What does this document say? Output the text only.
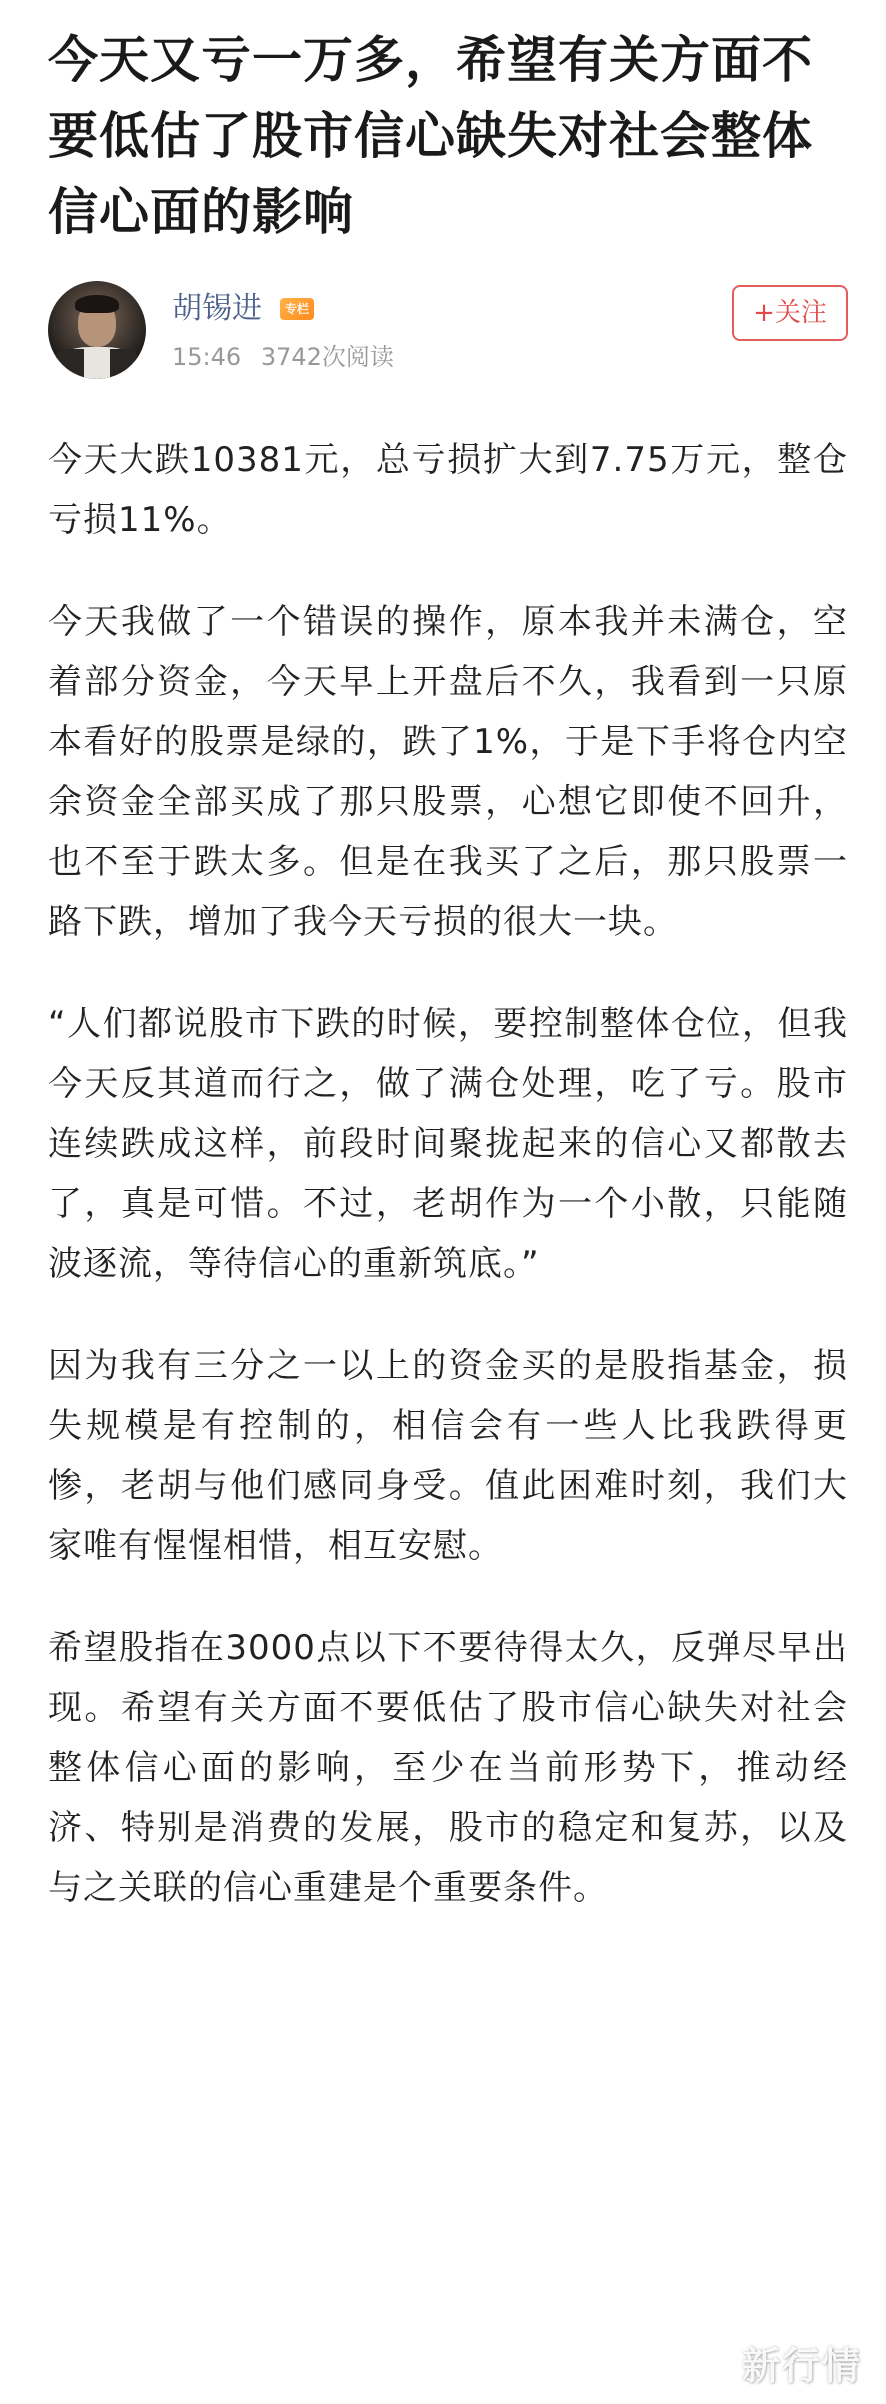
今天又亏一万多，希望有关方面不要低估了股市信心缺失对社会整体信心面的影响
胡锡进	专栏
15:46 3742次阅读
+关注

今天大跌10381元，总亏损扩大到7.75万元，整仓亏损11%。

今天我做了一个错误的操作，原本我并未满仓，空着部分资金，今天早上开盘后不久，我看到一只原本看好的股票是绿的，跌了1%，于是下手将仓内空余资金全部买成了那只股票，心想它即使不回升，也不至于跌太多。但是在我买了之后，那只股票一路下跌，增加了我今天亏损的很大一块。

“人们都说股市下跌的时候，要控制整体仓位，但我今天反其道而行之，做了满仓处理，吃了亏。股市连续跌成这样，前段时间聚拢起来的信心又都散去了，真是可惜。不过，老胡作为一个小散，只能随波逐流，等待信心的重新筑底。”

因为我有三分之一以上的资金买的是股指基金，损失规模是有控制的，相信会有一些人比我跌得更惨，老胡与他们感同身受。值此困难时刻，我们大家唯有惺惺相惜，相互安慰。

希望股指在3000点以下不要待得太久，反弹尽早出现。希望有关方面不要低估了股市信心缺失对社会整体信心面的影响，至少在当前形势下，推动经济、特别是消费的发展，股市的稳定和复苏，以及与之关联的信心重建是个重要条件。

新行情
